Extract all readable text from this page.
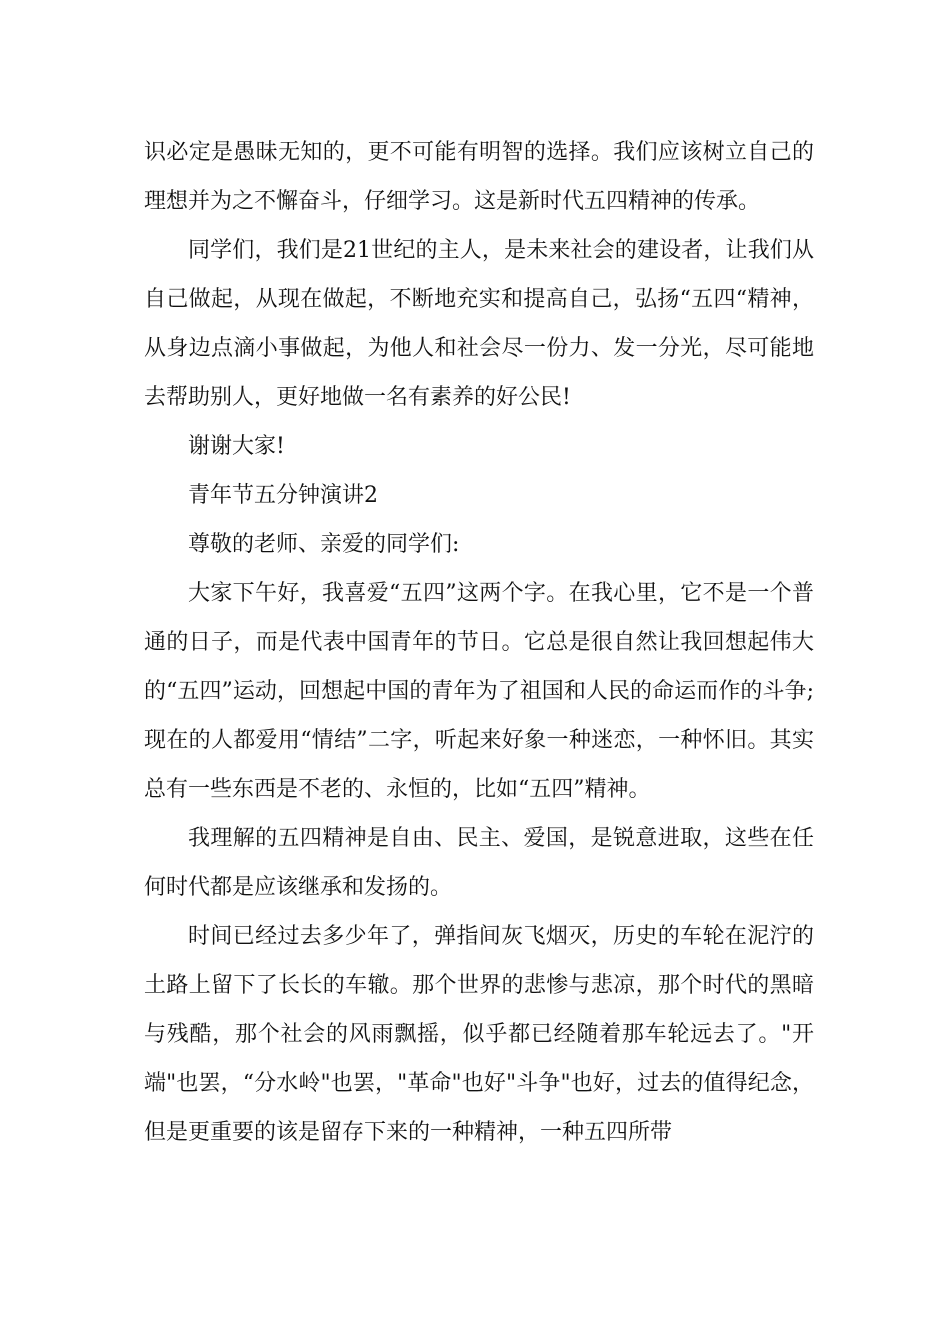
识必定是愚昧无知的，更不可能有明智的选择。我们应该树立自己的理想并为之不懈奋斗，仔细学习。这是新时代五四精神的传承。

同学们，我们是21世纪的主人，是未来社会的建设者，让我们从自己做起，从现在做起，不断地充实和提高自己，弘扬“五四“精神，从身边点滴小事做起，为他人和社会尽一份力、发一分光，尽可能地去帮助别人，更好地做一名有素养的好公民!

谢谢大家!

青年节五分钟演讲2

尊敬的老师、亲爱的同学们:

大家下午好，我喜爱“五四”这两个字。在我心里，它不是一个普通的日子，而是代表中国青年的节日。它总是很自然让我回想起伟大的“五四”运动，回想起中国的青年为了祖国和人民的命运而作的斗争;现在的人都爱用“情结”二字，听起来好象一种迷恋，一种怀旧。其实总有一些东西是不老的、永恒的，比如“五四”精神。

我理解的五四精神是自由、民主、爱国，是锐意进取，这些在任何时代都是应该继承和发扬的。

时间已经过去多少年了，弹指间灰飞烟灭，历史的车轮在泥泞的土路上留下了长长的车辙。那个世界的悲惨与悲凉，那个时代的黑暗与残酷，那个社会的风雨飘摇，似乎都已经随着那车轮远去了。"开端"也罢，“分水岭"也罢，"革命"也好"斗争"也好，过去的值得纪念，但是更重要的该是留存下来的一种精神，一种五四所带
